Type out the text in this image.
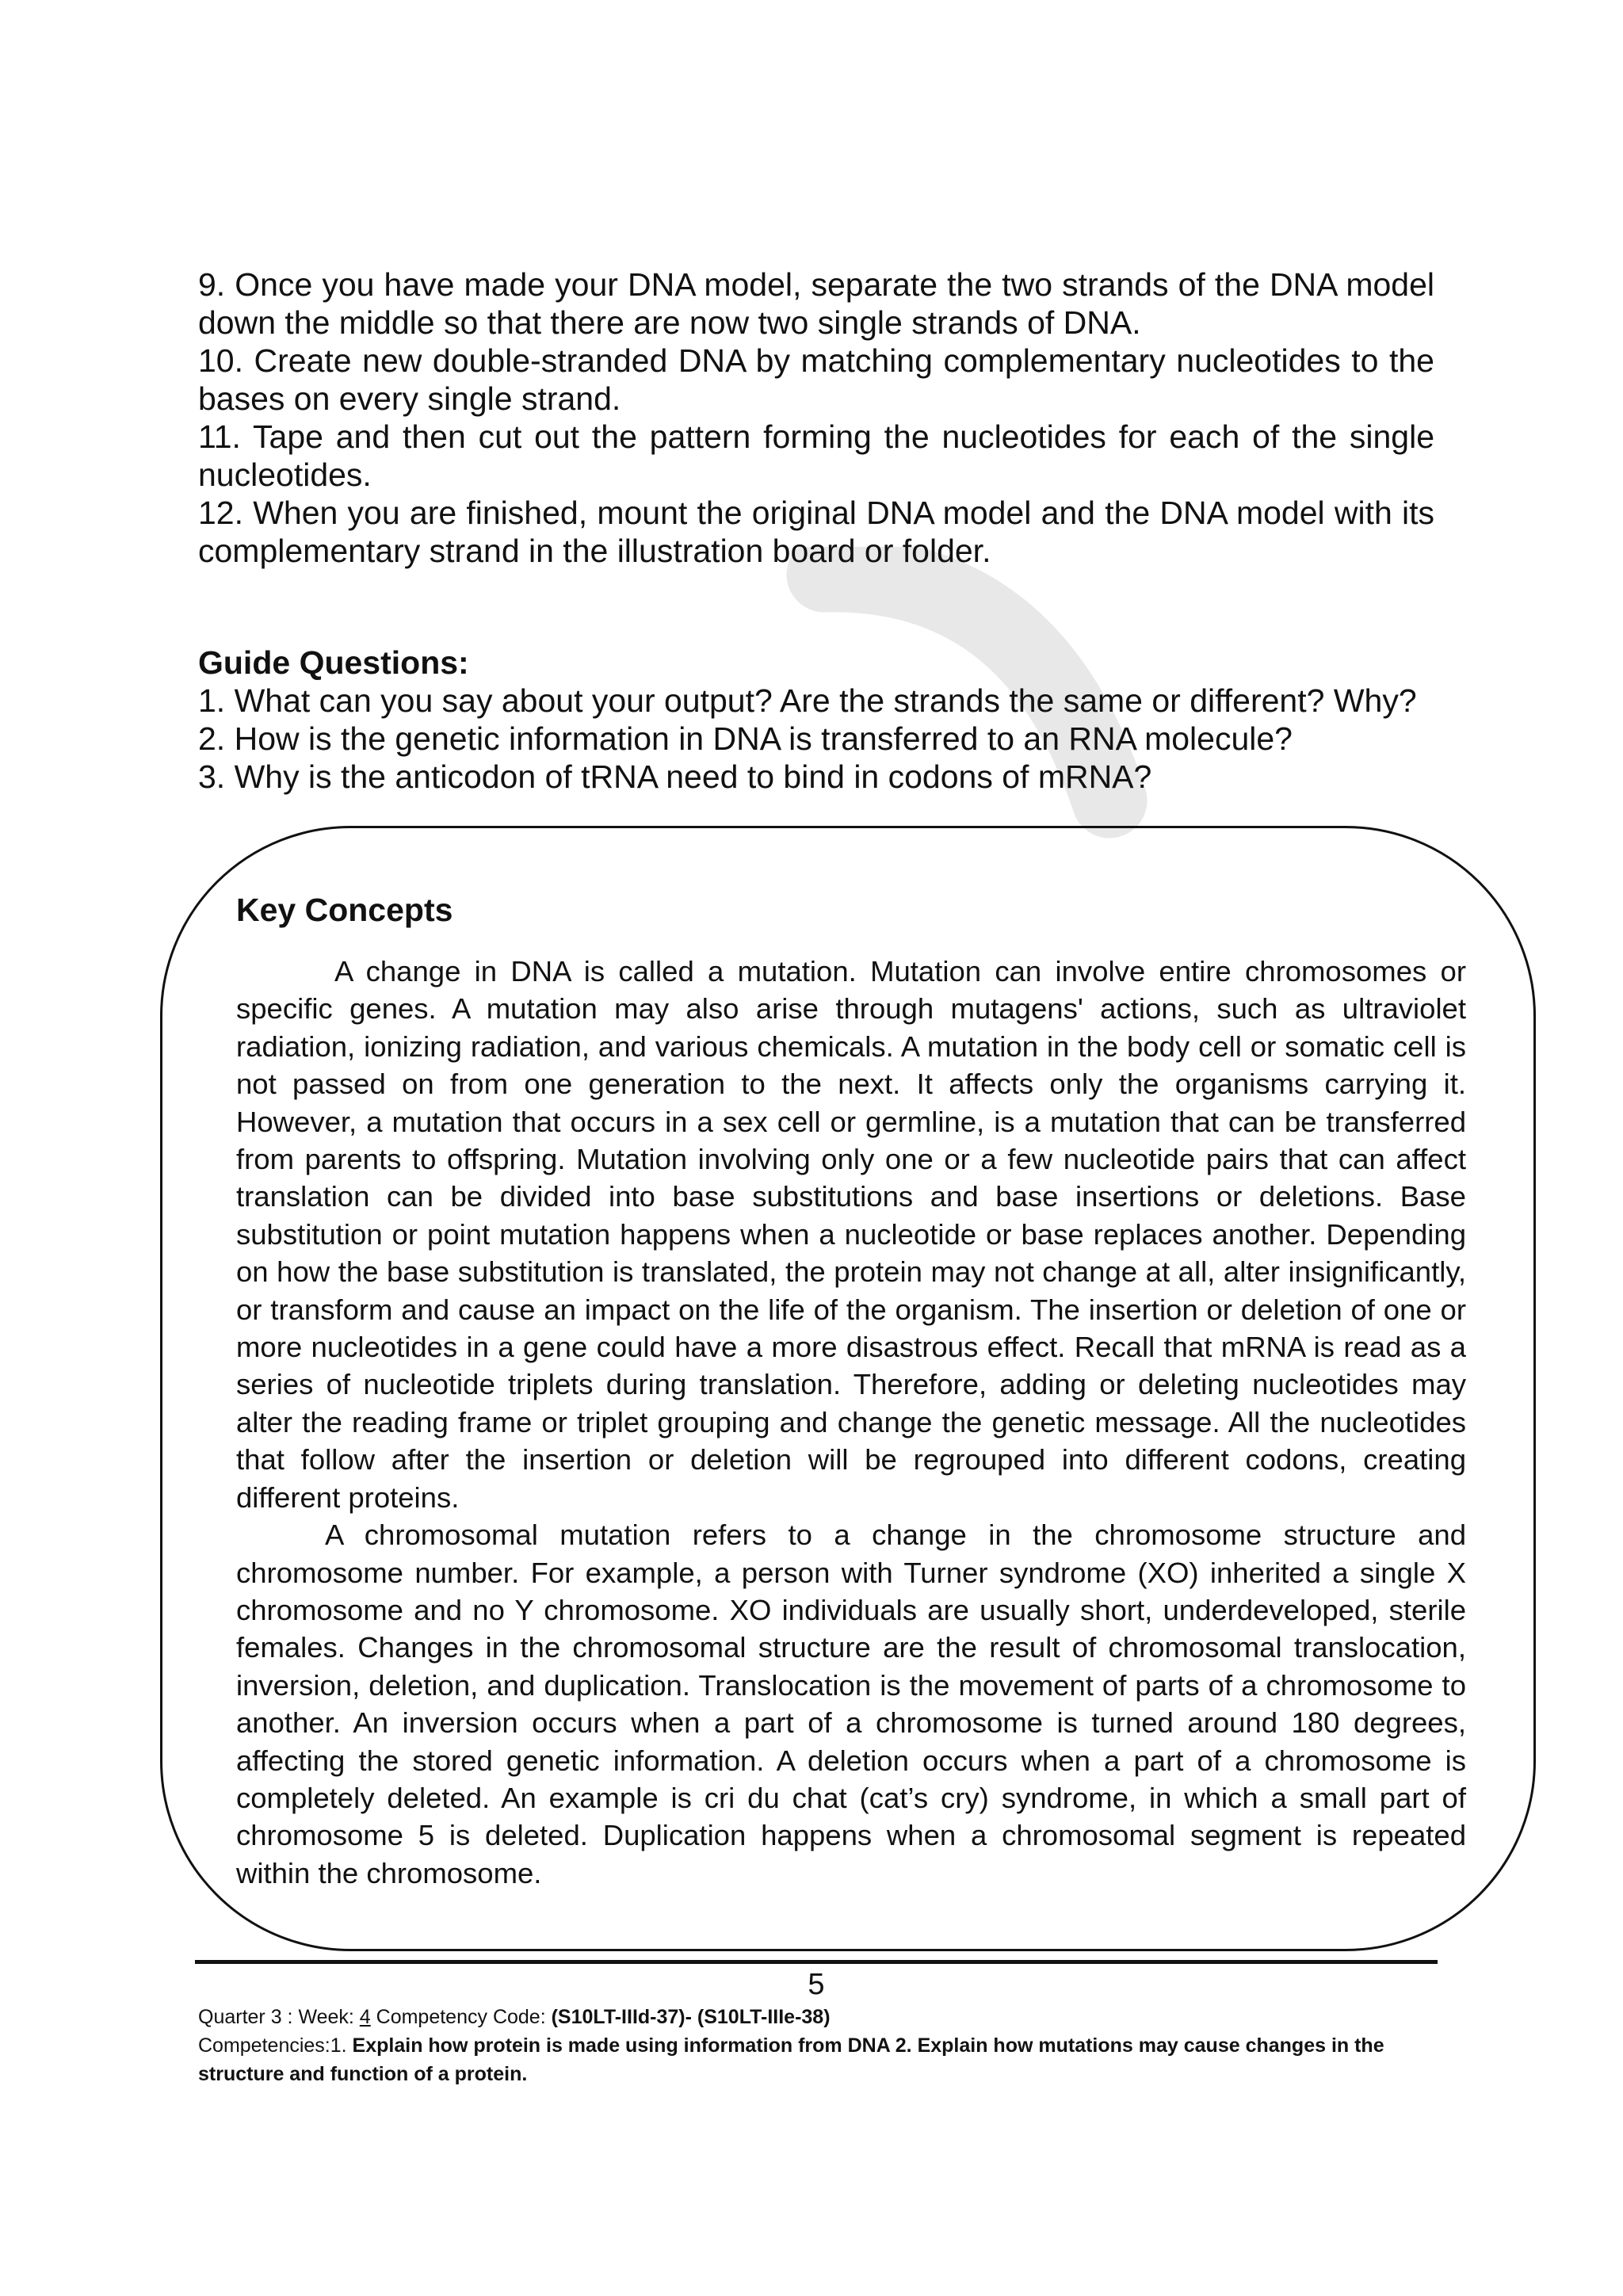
9. Once you have made your DNA model, separate the two strands of the DNA model down the middle so that there are now two single strands of DNA.

10. Create new double-stranded DNA by matching complementary nucleotides to the bases on every single strand.

11. Tape and then cut out the pattern forming the nucleotides for each of the single nucleotides.

12. When you are finished, mount the original DNA model and the DNA model with its complementary strand in the illustration board or folder.

Guide Questions:

1. What can you say about your output? Are the strands the same or different? Why?

2. How is the genetic information in DNA is transferred to an RNA molecule?

3. Why is the anticodon of tRNA need to bind in codons of mRNA?

Key Concepts

A change in DNA is called a mutation. Mutation can involve entire chromosomes or specific genes. A mutation may also arise through mutagens' actions, such as ultraviolet radiation, ionizing radiation, and various chemicals. A mutation in the body cell or somatic cell is not passed on from one generation to the next. It affects only the organisms carrying it. However, a mutation that occurs in a sex cell or germline, is a mutation that can be transferred from parents to offspring. Mutation involving only one or a few nucleotide pairs that can affect translation can be divided into base substitutions and base insertions or deletions. Base substitution or point mutation happens when a nucleotide or base replaces another. Depending on how the base substitution is translated, the protein may not change at all, alter insignificantly, or transform and cause an impact on the life of the organism. The insertion or deletion of one or more nucleotides in a gene could have a more disastrous effect. Recall that mRNA is read as a series of nucleotide triplets during translation. Therefore, adding or deleting nucleotides may alter the reading frame or triplet grouping and change the genetic message. All the nucleotides that follow after the insertion or deletion will be regrouped into different codons, creating different proteins.

A chromosomal mutation refers to a change in the chromosome structure and chromosome number. For example, a person with Turner syndrome (XO) inherited a single X chromosome and no Y chromosome. XO individuals are usually short, underdeveloped, sterile females. Changes in the chromosomal structure are the result of chromosomal translocation, inversion, deletion, and duplication. Translocation is the movement of parts of a chromosome to another. An inversion occurs when a part of a chromosome is turned around 180 degrees, affecting the stored genetic information. A deletion occurs when a part of a chromosome is completely deleted. An example is cri du chat (cat’s cry) syndrome, in which a small part of chromosome 5 is deleted. Duplication happens when a chromosomal segment is repeated within the chromosome.

5

Quarter 3 : Week: 4 Competency Code: (S10LT-IIId-37)- (S10LT-IIIe-38)

Competencies:1. Explain how protein is made using information from DNA 2. Explain how mutations may cause changes in the structure and function of a protein.
